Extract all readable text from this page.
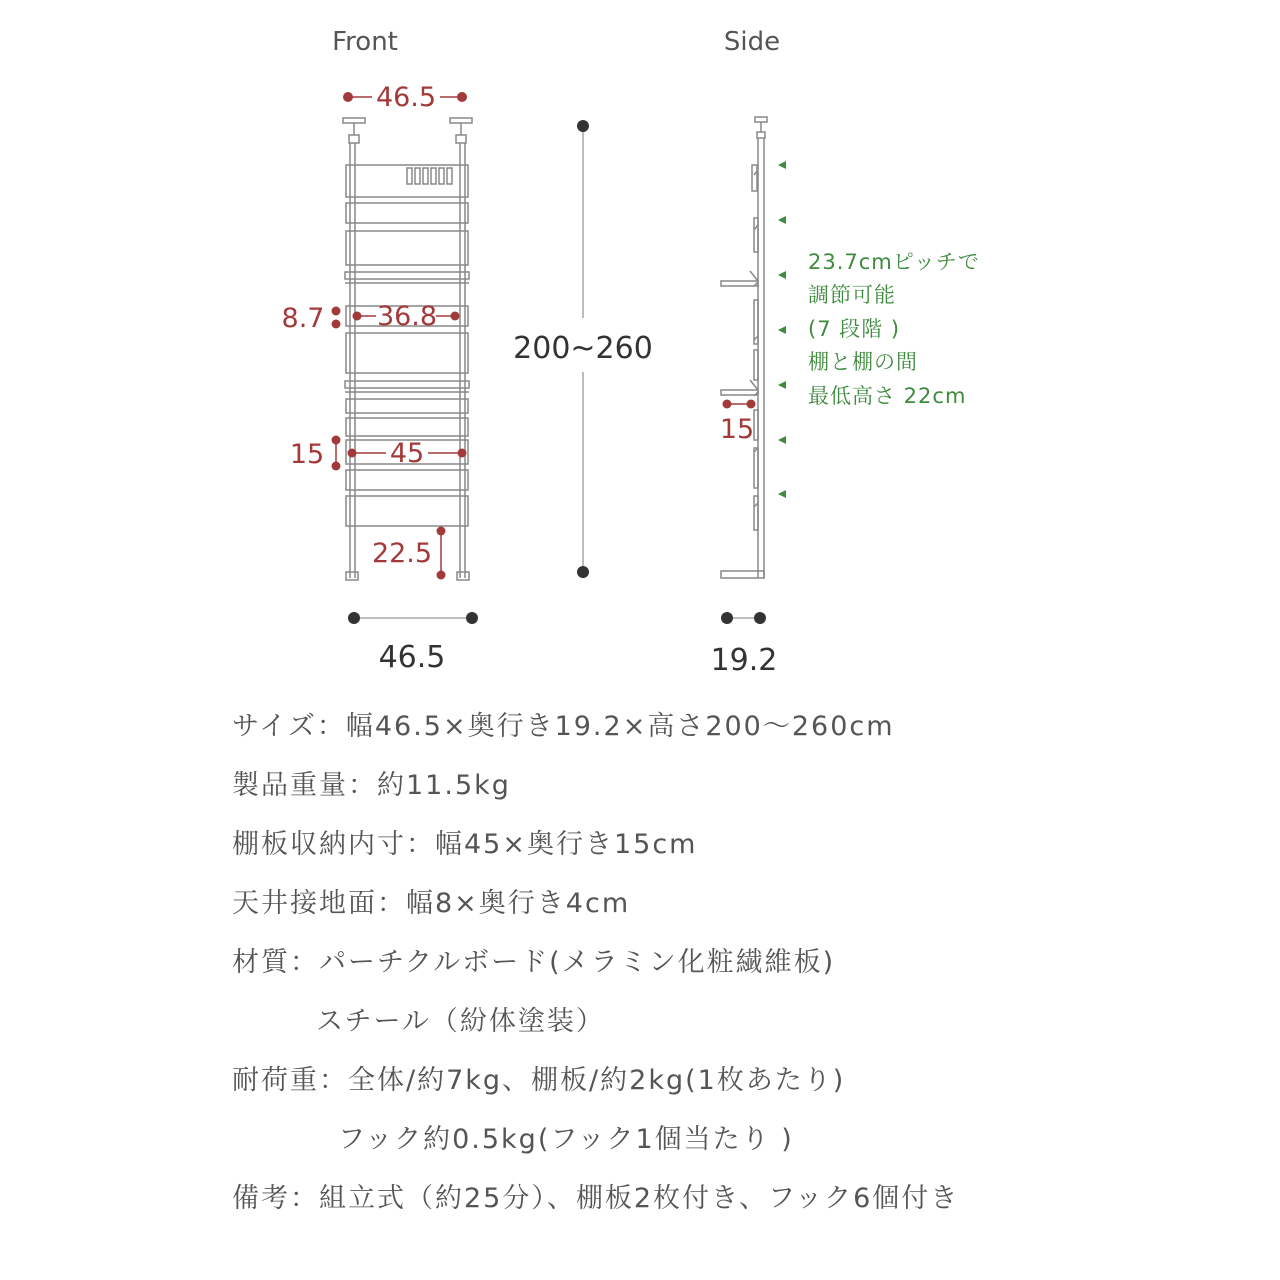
Front	Side
46.5
8.7 36.8
15 45
22.5
200~260
46.5
23.7cmピッチで
調節可能
(7 段階 )
棚と棚の間
最低高さ 22cm
15
19.2
サイズ：幅46.5×奥行き19.2×高さ200〜260cm
製品重量：約11.5kg
棚板収納内寸：幅45×奥行き15cm
天井接地面：幅8×奥行き4cm
材質：パーチクルボード(メラミン化粧繊維板)
スチール（紛体塗装）
耐荷重：全体/約7kg、棚板/約2kg(1枚あたり)
フック約0.5kg(フック1個当たり )
備考：組立式（約25分）、棚板2枚付き、フック6個付き
